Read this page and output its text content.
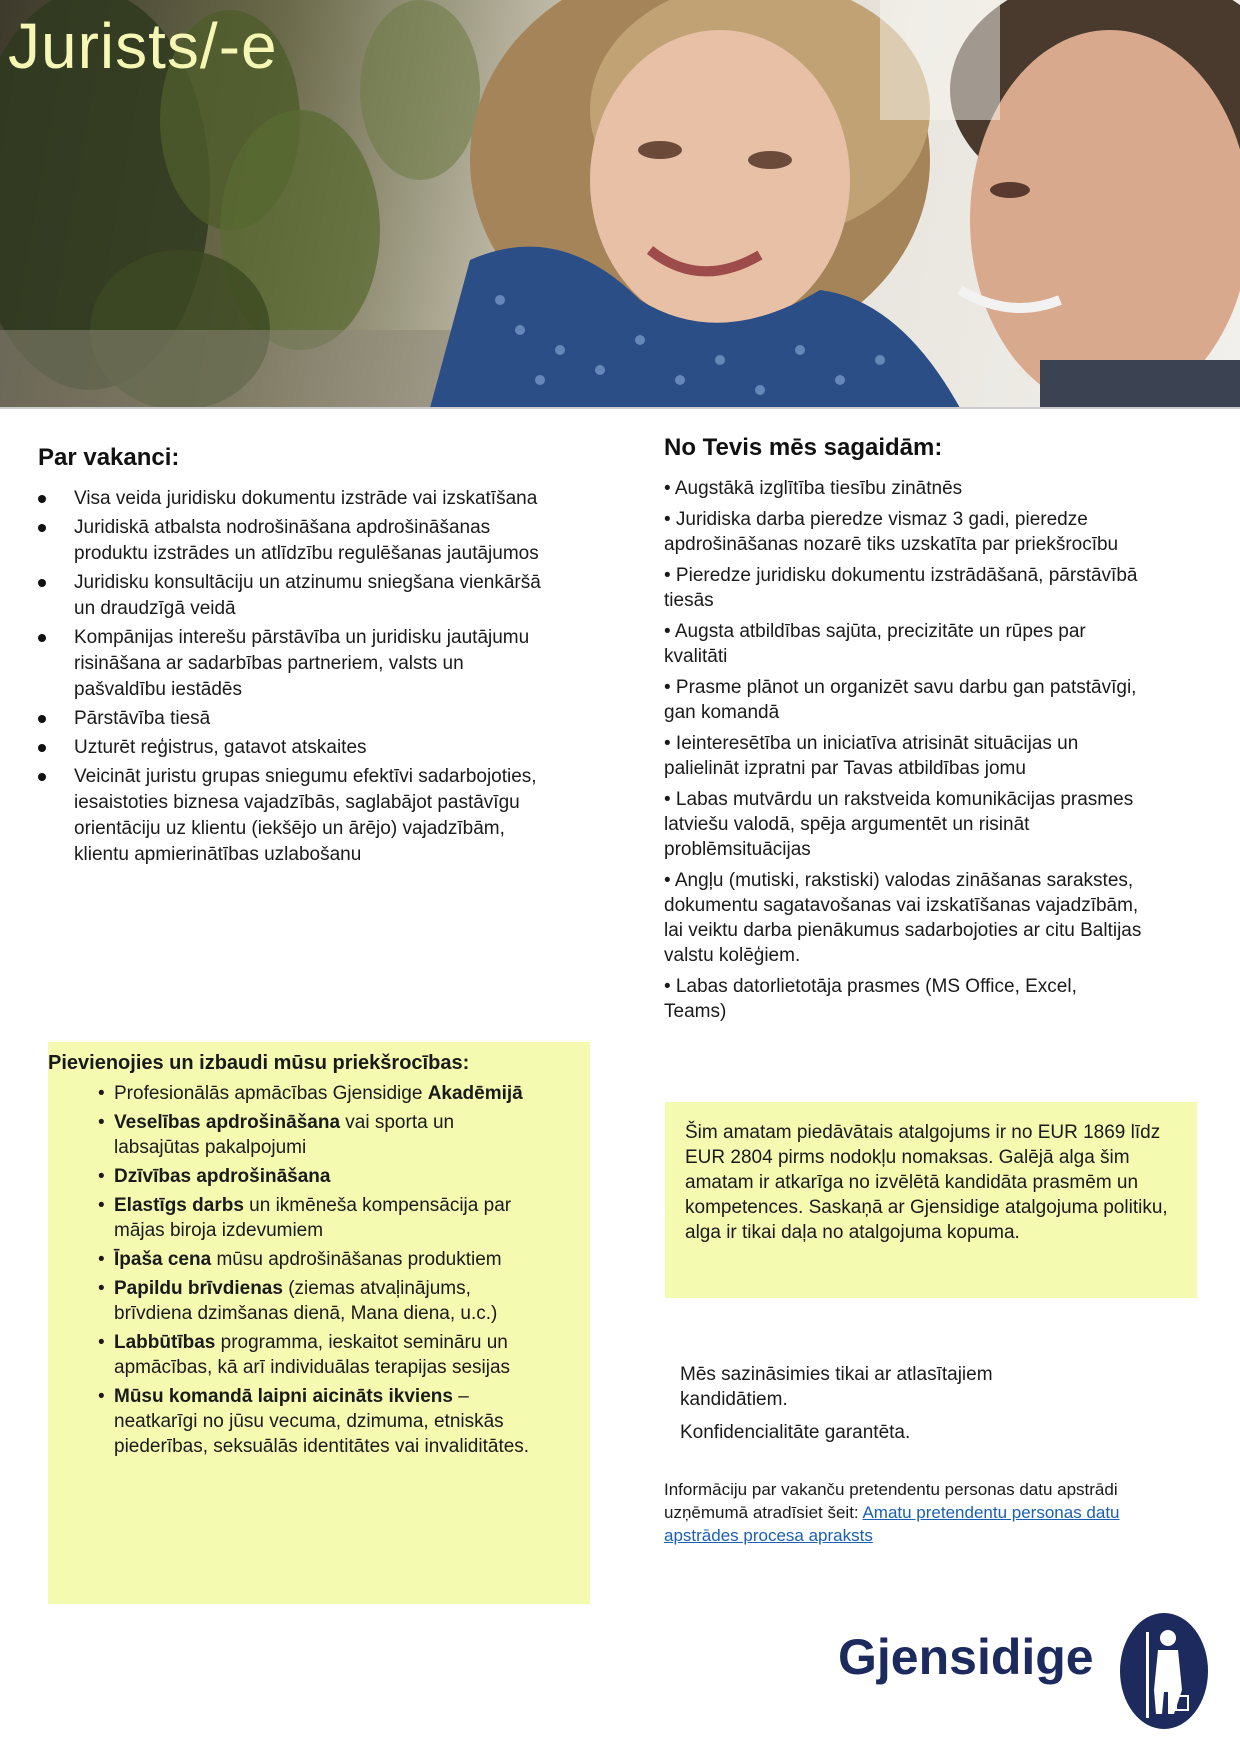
Jurists/-e
Par vakanci:
Visa veida juridisku dokumentu izstrāde vai izskatīšana
Juridiskā atbalsta nodrošināšana apdrošināšanas produktu izstrādes un atlīdzību regulēšanas jautājumos
Juridisku konsultāciju un atzinumu sniegšana vienkāršā un draudzīgā veidā
Kompānijas interešu pārstāvība un juridisku jautājumu risināšana ar sadarbības partneriem, valsts un pašvaldību iestādēs
Pārstāvība tiesā
Uzturēt reģistrus, gatavot atskaites
Veicināt juristu grupas sniegumu efektīvi sadarbojoties, iesaistoties biznesa vajadzībās, saglabājot pastāvīgu orientāciju uz klientu (iekšējo un ārējo) vajadzībām, klientu apmierinātības uzlabošanu
No Tevis mēs sagaidām:
• Augstākā izglītība tiesību zinātnēs
• Juridiska darba pieredze vismaz 3 gadi, pieredze apdrošināšanas nozarē tiks uzskatīta par priekšrocību
• Pieredze juridisku dokumentu izstrādāšanā, pārstāvībā tiesās
• Augsta atbildības sajūta, precizitāte un rūpes par kvalitāti
• Prasme plānot un organizēt savu darbu gan patstāvīgi, gan komandā
• Ieinteresētība un iniciatīva atrisināt situācijas un palielināt izpratni par Tavas atbildības jomu
• Labas mutvārdu un rakstveida komunikācijas prasmes latviešu valodā, spēja argumentēt un risināt problēmsituācijas
• Angļu (mutiski, rakstiski) valodas zināšanas sarakstes, dokumentu sagatavošanas vai izskatīšanas vajadzībām, lai veiktu darba pienākumus sadarbojoties ar citu Baltijas valstu kolēģiem.
• Labas datorlietotāja prasmes (MS Office, Excel, Teams)
Pievienojies un izbaudi mūsu priekšrocības:
• Profesionālās apmācības Gjensidige Akadēmijā
• Veselības apdrošināšana vai sporta un labsajūtas pakalpojumi
• Dzīvības apdrošināšana
• Elastīgs darbs un ikmēneša kompensācija par mājas biroja izdevumiem
• Īpaša cena mūsu apdrošināšanas produktiem
• Papildu brīvdienas (ziemas atvaļinājums, brīvdiena dzimšanas dienā, Mana diena, u.c.)
• Labbūtības programma, ieskaitot semināru un apmācības, kā arī individuālas terapijas sesijas
• Mūsu komandā laipni aicināts ikviens – neatkarīgi no jūsu vecuma, dzimuma, etniskās piederības, seksuālās identitātes vai invaliditātes.

Šim amatam piedāvātais atalgojums ir no EUR 1869 līdz EUR 2804 pirms nodokļu nomaksas. Galējā alga šim amatam ir atkarīga no izvēlētā kandidāta prasmēm un kompetences. Saskaņā ar Gjensidige atalgojuma politiku, alga ir tikai daļa no atalgojuma kopuma.

Mēs sazināsimies tikai ar atlasītajiem kandidātiem.

Konfidencialitāte garantēta.

Informāciju par vakanču pretendentu personas datu apstrādi uzņēmumā atradīsiet šeit: Amatu pretendentu personas datu apstrādes procesa apraksts
Gjensidige
